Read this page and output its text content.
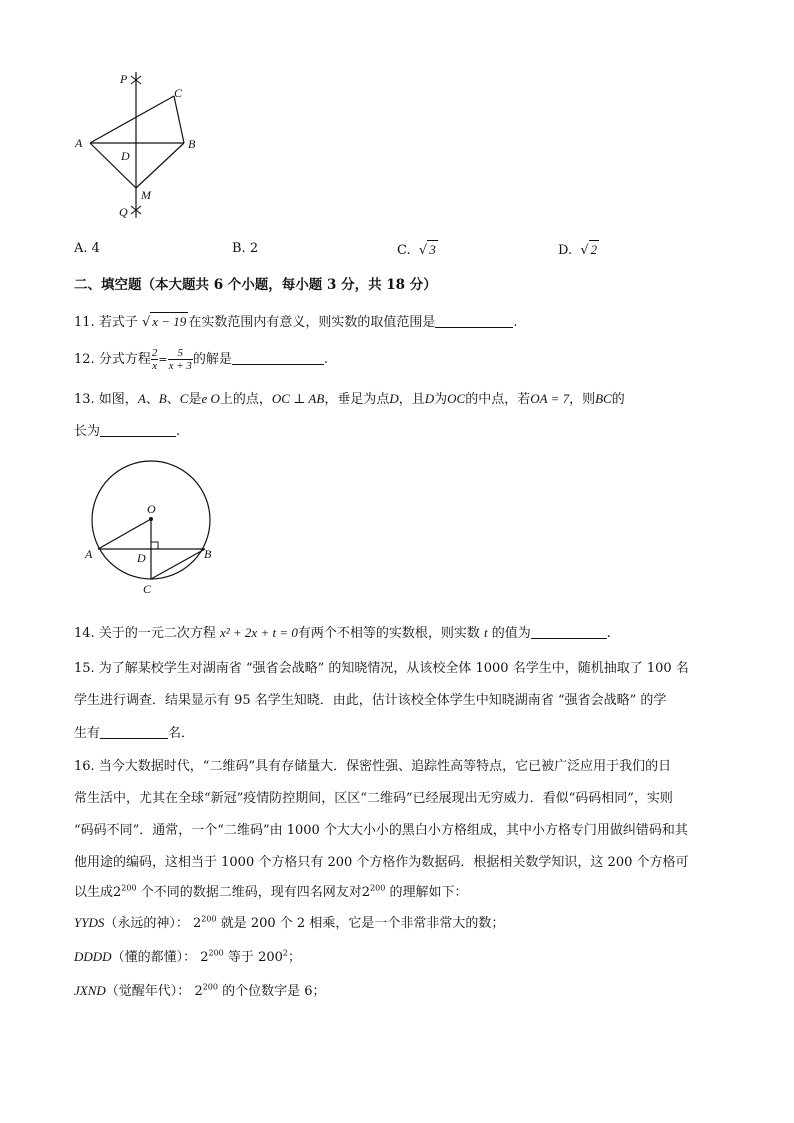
P
C
A	B
D
M
Q
A. 4	B. 2	C.  √ 3	D.  √ 2
二、填空题（本大题共 6 个小题，每小题 3 分，共 18 分）
11. 若式子 √ x − 19 在实数范围内有意义，则实数的取值范围是	.
12. 分式方程 $\frac{2}{x} = \frac{5}{x + 3}$ 的解是	.
13. 如图，A、B、C是e O上的点，OC ⊥ AB，垂足为点D，且D为OC的中点，若OA = 7，则BC的
长为	.
O
A	B
D
C
14. 关于的一元二次方程 x² + 2x + t = 0有两个不相等的实数根，则实数 t 的值为	.
15. 为了解某校学生对湖南省 “强省会战略” 的知晓情况，从该校全体 1000 名学生中，随机抽取了 100 名
学生进行调查．结果显示有 95 名学生知晓．由此，估计该校全体学生中知晓湖南省 “强省会战略” 的学
生有	名．
16. 当今大数据时代，“二维码”具有存储量大．保密性强、追踪性高等特点，它已被广泛应用于我们的日
常生活中，尤其在全球“新冠”疫情防控期间，区区“二维码”已经展现出无穷威力．看似“码码相同”，实则
“码码不同”．通常，一个“二维码”由 1000 个大大小小的黑白小方格组成，其中小方格专门用做纠错码和其
他用途的编码，这相当于 1000 个方格只有 200 个方格作为数据码．根据相关数学知识，这 200 个方格可
以生成$2^{200}$ 个不同的数据二维码，现有四名网友对$2^{200}$ 的理解如下：
YYDS（永远的神）： $2^{200}$ 就是 200 个 2 相乘，它是一个非常非常大的数；
DDDD（懂的都懂）： $2^{200}$ 等于 $200^2$；
JXND（觉醒年代）： $2^{200}$ 的个位数字是 6；
